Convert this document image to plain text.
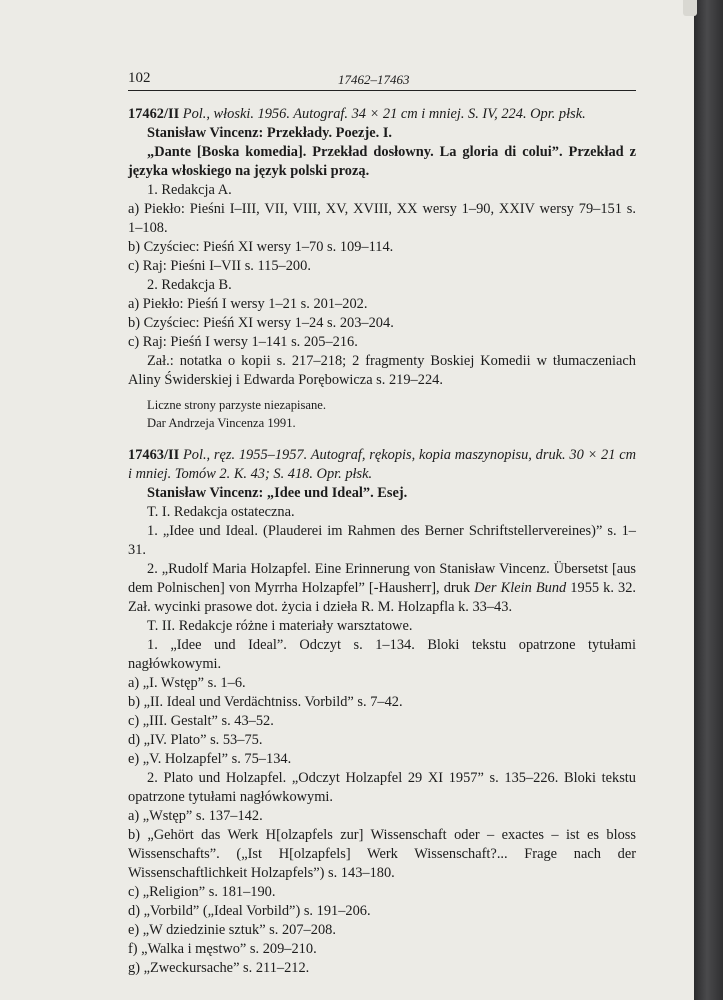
102	17462–17463

17462/II Pol., włoski. 1956. Autograf. 34 × 21 cm i mniej. S. IV, 224. Opr. płsk.

Stanisław Vincenz: Przekłady. Poezje. I.

„Dante [Boska komedia]. Przekład dosłowny. La gloria di colui”. Przekład z języka włoskiego na język polski prozą.

1. Redakcja A.

a) Piekło: Pieśni I–III, VII, VIII, XV, XVIII, XX wersy 1–90, XXIV wersy 79–151 s. 1–108.

b) Czyściec: Pieśń XI wersy 1–70 s. 109–114.

c) Raj: Pieśni I–VII s. 115–200.

2. Redakcja B.

a) Piekło: Pieśń I wersy 1–21 s. 201–202.

b) Czyściec: Pieśń XI wersy 1–24 s. 203–204.

c) Raj: Pieśń I wersy 1–141 s. 205–216.

Zał.: notatka o kopii s. 217–218; 2 fragmenty Boskiej Komedii w tłumaczeniach Aliny Świderskiej i Edwarda Porębowicza s. 219–224.

Liczne strony parzyste niezapisane.

Dar Andrzeja Vincenza 1991.

17463/II Pol., ręz. 1955–1957. Autograf, rękopis, kopia maszynopisu, druk. 30 × 21 cm i mniej. Tomów 2. K. 43; S. 418. Opr. płsk.

Stanisław Vincenz: „Idee und Ideal”. Esej.

T. I. Redakcja ostateczna.

1. „Idee und Ideal. (Plauderei im Rahmen des Berner Schriftstellervereines)” s. 1–31.

2. „Rudolf Maria Holzapfel. Eine Erinnerung von Stanisław Vincenz. Übersetst [aus dem Polnischen] von Myrrha Holzapfel” [-Hausherr], druk Der Klein Bund 1955 k. 32. Zał. wycinki prasowe dot. życia i dzieła R. M. Holzapfla k. 33–43.

T. II. Redakcje różne i materiały warsztatowe.

1. „Idee und Ideal”. Odczyt s. 1–134. Bloki tekstu opatrzone tytułami nagłówkowymi.

a) „I. Wstęp” s. 1–6.

b) „II. Ideal und Verdächtniss. Vorbild” s. 7–42.

c) „III. Gestalt” s. 43–52.

d) „IV. Plato” s. 53–75.

e) „V. Holzapfel” s. 75–134.

2. Plato und Holzapfel. „Odczyt Holzapfel 29 XI 1957” s. 135–226. Bloki tekstu opatrzone tytułami nagłówkowymi.

a) „Wstęp” s. 137–142.

b) „Gehört das Werk H[olzapfels zur] Wissenschaft oder – exactes – ist es bloss Wissenschafts”. („Ist H[olzapfels] Werk Wissenschaft?... Frage nach der Wissenschaftlichkeit Holzapfels”) s. 143–180.

c) „Religion” s. 181–190.

d) „Vorbild” („Ideal Vorbild”) s. 191–206.

e) „W dziedzinie sztuk” s. 207–208.

f) „Walka i męstwo” s. 209–210.

g) „Zweckursache” s. 211–212.
